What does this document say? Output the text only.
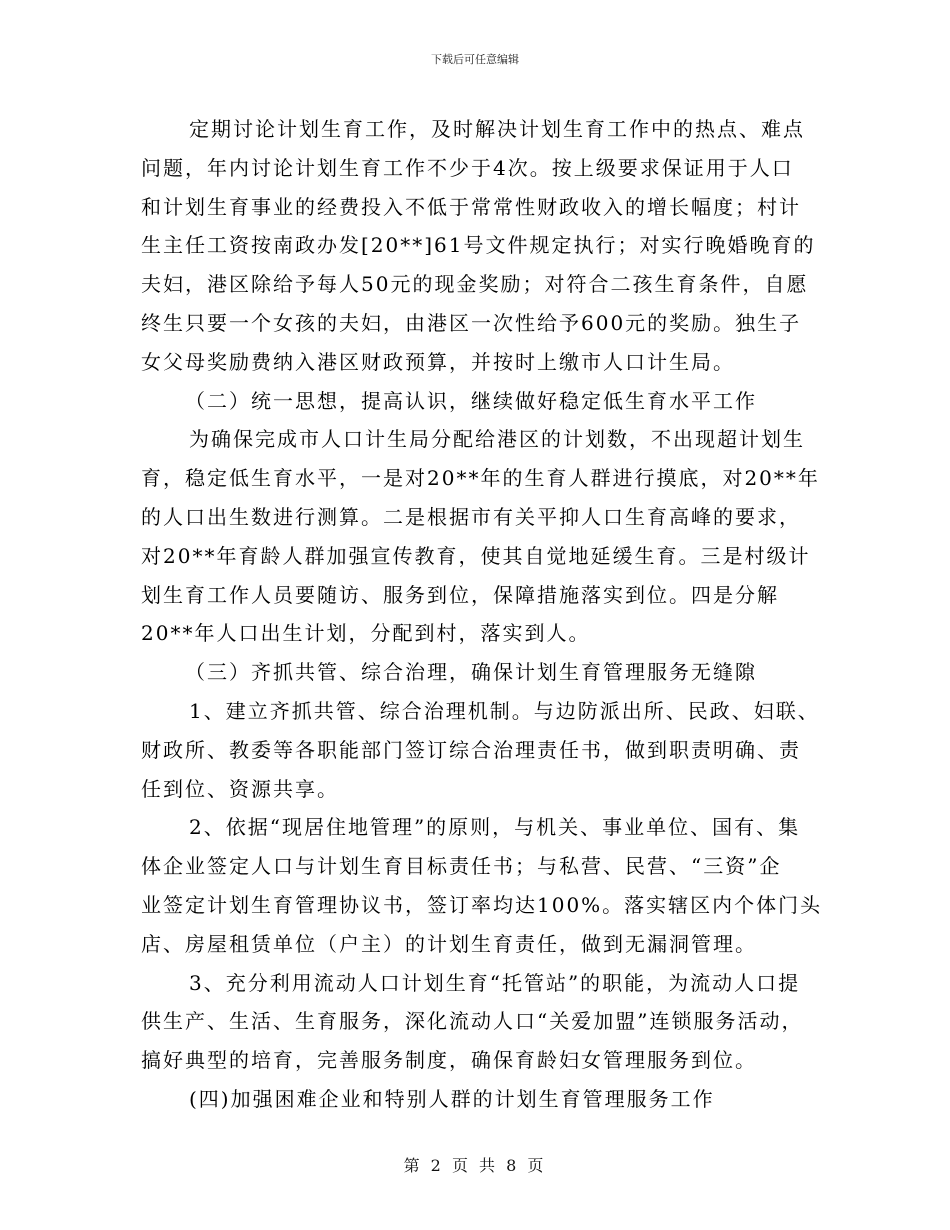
下载后可任意编辑
定期讨论计划生育工作，及时解决计划生育工作中的热点、难点
问题，年内讨论计划生育工作不少于4次。按上级要求保证用于人口
和计划生育事业的经费投入不低于常常性财政收入的增长幅度；村计
生主任工资按南政办发[20**]61号文件规定执行；对实行晚婚晚育的
夫妇，港区除给予每人50元的现金奖励；对符合二孩生育条件，自愿
终生只要一个女孩的夫妇，由港区一次性给予600元的奖励。独生子
女父母奖励费纳入港区财政预算，并按时上缴市人口计生局。
（二）统一思想，提高认识，继续做好稳定低生育水平工作
为确保完成市人口计生局分配给港区的计划数，不出现超计划生
育，稳定低生育水平，一是对20**年的生育人群进行摸底，对20**年
的人口出生数进行测算。二是根据市有关平抑人口生育高峰的要求，
对20**年育龄人群加强宣传教育，使其自觉地延缓生育。三是村级计
划生育工作人员要随访、服务到位，保障措施落实到位。四是分解
20**年人口出生计划，分配到村，落实到人。
（三）齐抓共管、综合治理，确保计划生育管理服务无缝隙
1、建立齐抓共管、综合治理机制。与边防派出所、民政、妇联、
财政所、教委等各职能部门签订综合治理责任书，做到职责明确、责
任到位、资源共享。
2、依据“现居住地管理”的原则，与机关、事业单位、国有、集
体企业签定人口与计划生育目标责任书；与私营、民营、“三资”企
业签定计划生育管理协议书，签订率均达100%。落实辖区内个体门头
店、房屋租赁单位（户主）的计划生育责任，做到无漏洞管理。
3、充分利用流动人口计划生育“托管站”的职能，为流动人口提
供生产、生活、生育服务，深化流动人口“关爱加盟”连锁服务活动，
搞好典型的培育，完善服务制度，确保育龄妇女管理服务到位。
(四)加强困难企业和特别人群的计划生育管理服务工作
第 2 页 共 8 页
